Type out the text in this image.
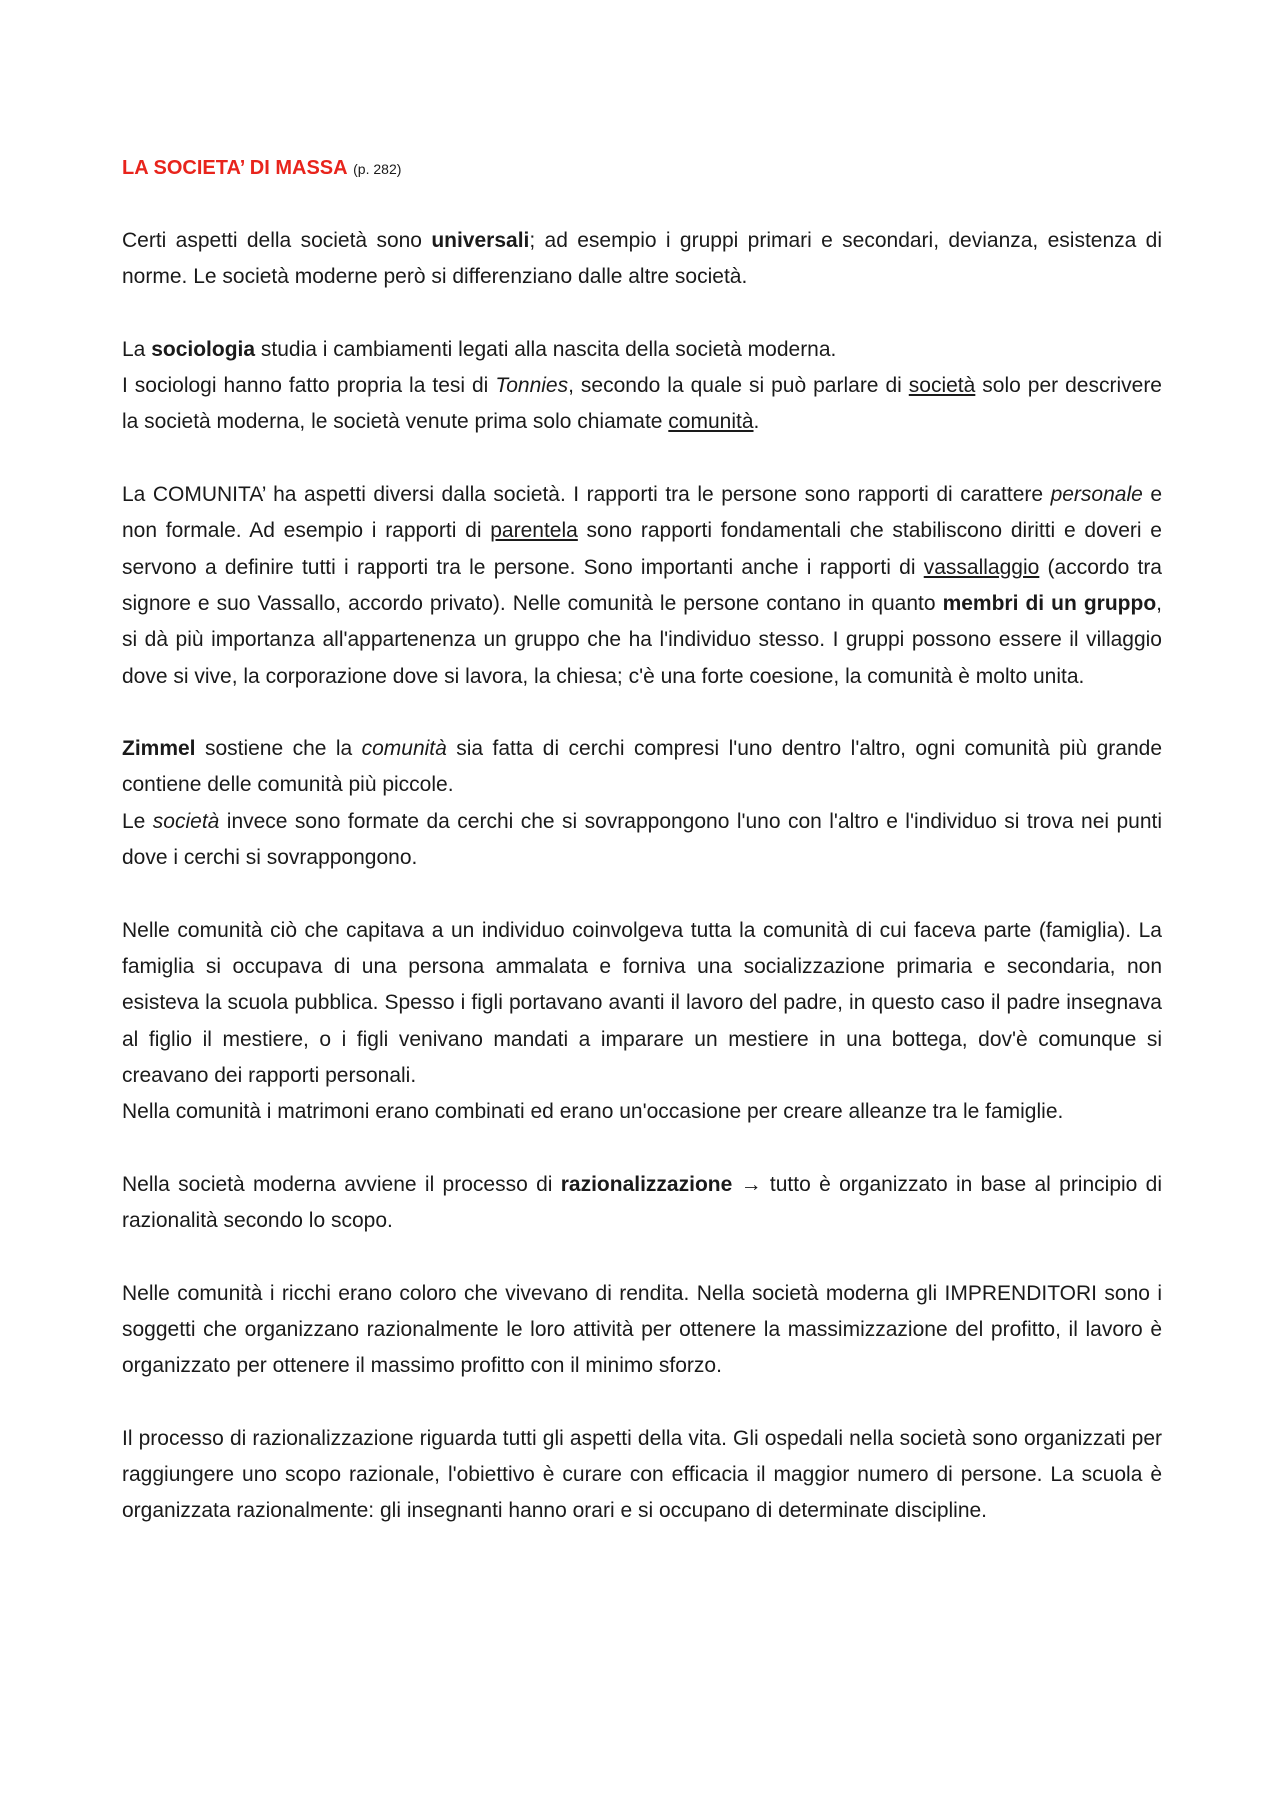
LA SOCIETA’ DI MASSA (p. 282)

Certi aspetti della società sono universali; ad esempio i gruppi primari e secondari, devianza, esistenza di norme. Le società moderne però si differenziano dalle altre società.

La sociologia studia i cambiamenti legati alla nascita della società moderna.

I sociologi hanno fatto propria la tesi di Tonnies, secondo la quale si può parlare di società solo per descrivere la società moderna, le società venute prima solo chiamate comunità.

La COMUNITA’ ha aspetti diversi dalla società. I rapporti tra le persone sono rapporti di carattere personale e non formale. Ad esempio i rapporti di parentela sono rapporti fondamentali che stabiliscono diritti e doveri e servono a definire tutti i rapporti tra le persone. Sono importanti anche i rapporti di vassallaggio (accordo tra signore e suo Vassallo, accordo privato). Nelle comunità le persone contano in quanto membri di un gruppo, si dà più importanza all'appartenenza un gruppo che ha l'individuo stesso. I gruppi possono essere il villaggio dove si vive, la corporazione dove si lavora, la chiesa; c'è una forte coesione, la comunità è molto unita.

Zimmel sostiene che la comunità sia fatta di cerchi compresi l'uno dentro l'altro, ogni comunità più grande contiene delle comunità più piccole.

Le società invece sono formate da cerchi che si sovrappongono l'uno con l'altro e l'individuo si trova nei punti dove i cerchi si sovrappongono.

Nelle comunità ciò che capitava a un individuo coinvolgeva tutta la comunità di cui faceva parte (famiglia). La famiglia si occupava di una persona ammalata e forniva una socializzazione primaria e secondaria, non esisteva la scuola pubblica. Spesso i figli portavano avanti il lavoro del padre, in questo caso il padre insegnava al figlio il mestiere, o i figli venivano mandati a imparare un mestiere in una bottega, dov'è comunque si creavano dei rapporti personali.

Nella comunità i matrimoni erano combinati ed erano un'occasione per creare alleanze tra le famiglie.

Nella società moderna avviene il processo di razionalizzazione → tutto è organizzato in base al principio di razionalità secondo lo scopo.

Nelle comunità i ricchi erano coloro che vivevano di rendita. Nella società moderna gli IMPRENDITORI sono i soggetti che organizzano razionalmente le loro attività per ottenere la massimizzazione del profitto, il lavoro è organizzato per ottenere il massimo profitto con il minimo sforzo.

Il processo di razionalizzazione riguarda tutti gli aspetti della vita. Gli ospedali nella società sono organizzati per raggiungere uno scopo razionale, l'obiettivo è curare con efficacia il maggior numero di persone. La scuola è organizzata razionalmente: gli insegnanti hanno orari e si occupano di determinate discipline.
